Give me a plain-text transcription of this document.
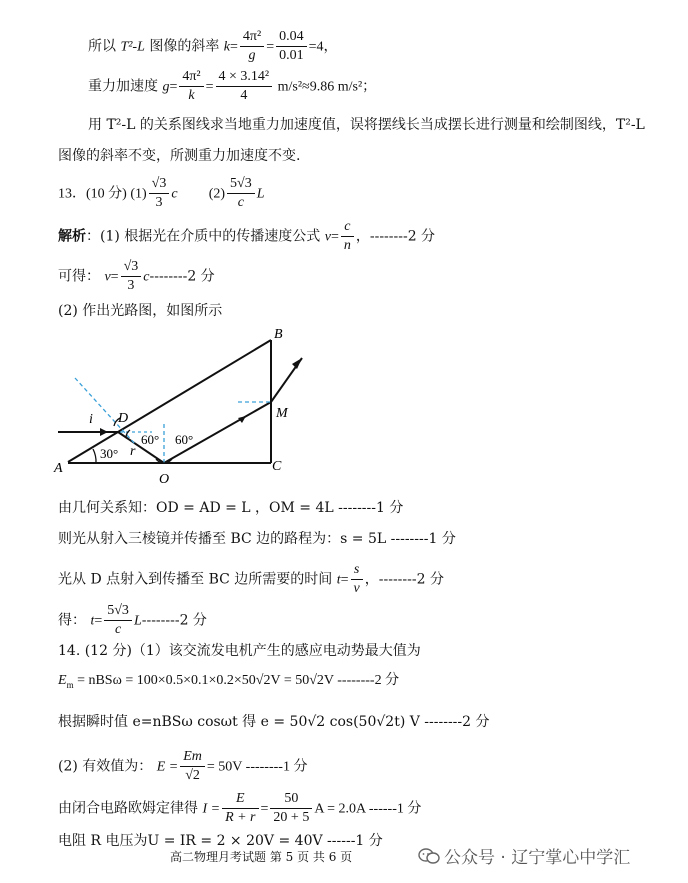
所以 T²-L 图像的斜率 $k= \frac{\text{4π²}}{g} = \frac{0.04}{0.01} =4$，
重力加速度 $g= \frac{\text{4π²}}{k} = \frac{\text{4 × 3.14²}}{4} m/s^2\approx 9.86$ m/s²；
用 T²-L 的关系图线求当地重力加速度值，误将摆线长当成摆长进行测量和绘制图线，T²-L
图像的斜率不变，所测重力加速度不变.
13．(10 分) $(1) \frac{√3}{3}$ c $(2) \frac{5√3}{c}$ L
解析：(1) 根据光在介质中的传播速度公式 $v= \frac{c}{n}$ ，--------2 分
可得： $v= \frac{√3}{3} c--------2$ 分
(2) 作出光路图，如图所示
A
B
C
D	M
O
i
r
30°
60° 60°
由几何关系知：OD = AD = L ，OM = 4L --------1 分
则光从射入三棱镜并传播至 BC 边的路程为：s = 5L --------1 分
光从 D 点射入到传播至 BC 边所需要的时间 $t= \frac{s}{v}$ ，--------2 分
得： $t= \frac{5√3}{c} L--------2$ 分
14. (12 分)（1）该交流发电机产生的感应电动势最大值为
$E_m = nBS\omega = 100\times 0.5\times 0.1\times 0.2\times 50√2V = 50√2V$ --------2 分
根据瞬时值 e=nBSω cosωt 得 e = 50√2 cos(50√2t) V --------2 分
(2) 有效值为： $E = \frac{Em}{√2} = 50V$ --------1 分
由闭合电路欧姆定律得 $I = \frac{E}{R + r} = \frac{50}{20 + 5}$ A = 2.0A ------1 分
电阻 R 电压为U = IR = 2 × 20V = 40V ------1 分
高二物理月考试题 第 5 页 共 6 页	公众号 · 辽宁掌心中学汇
